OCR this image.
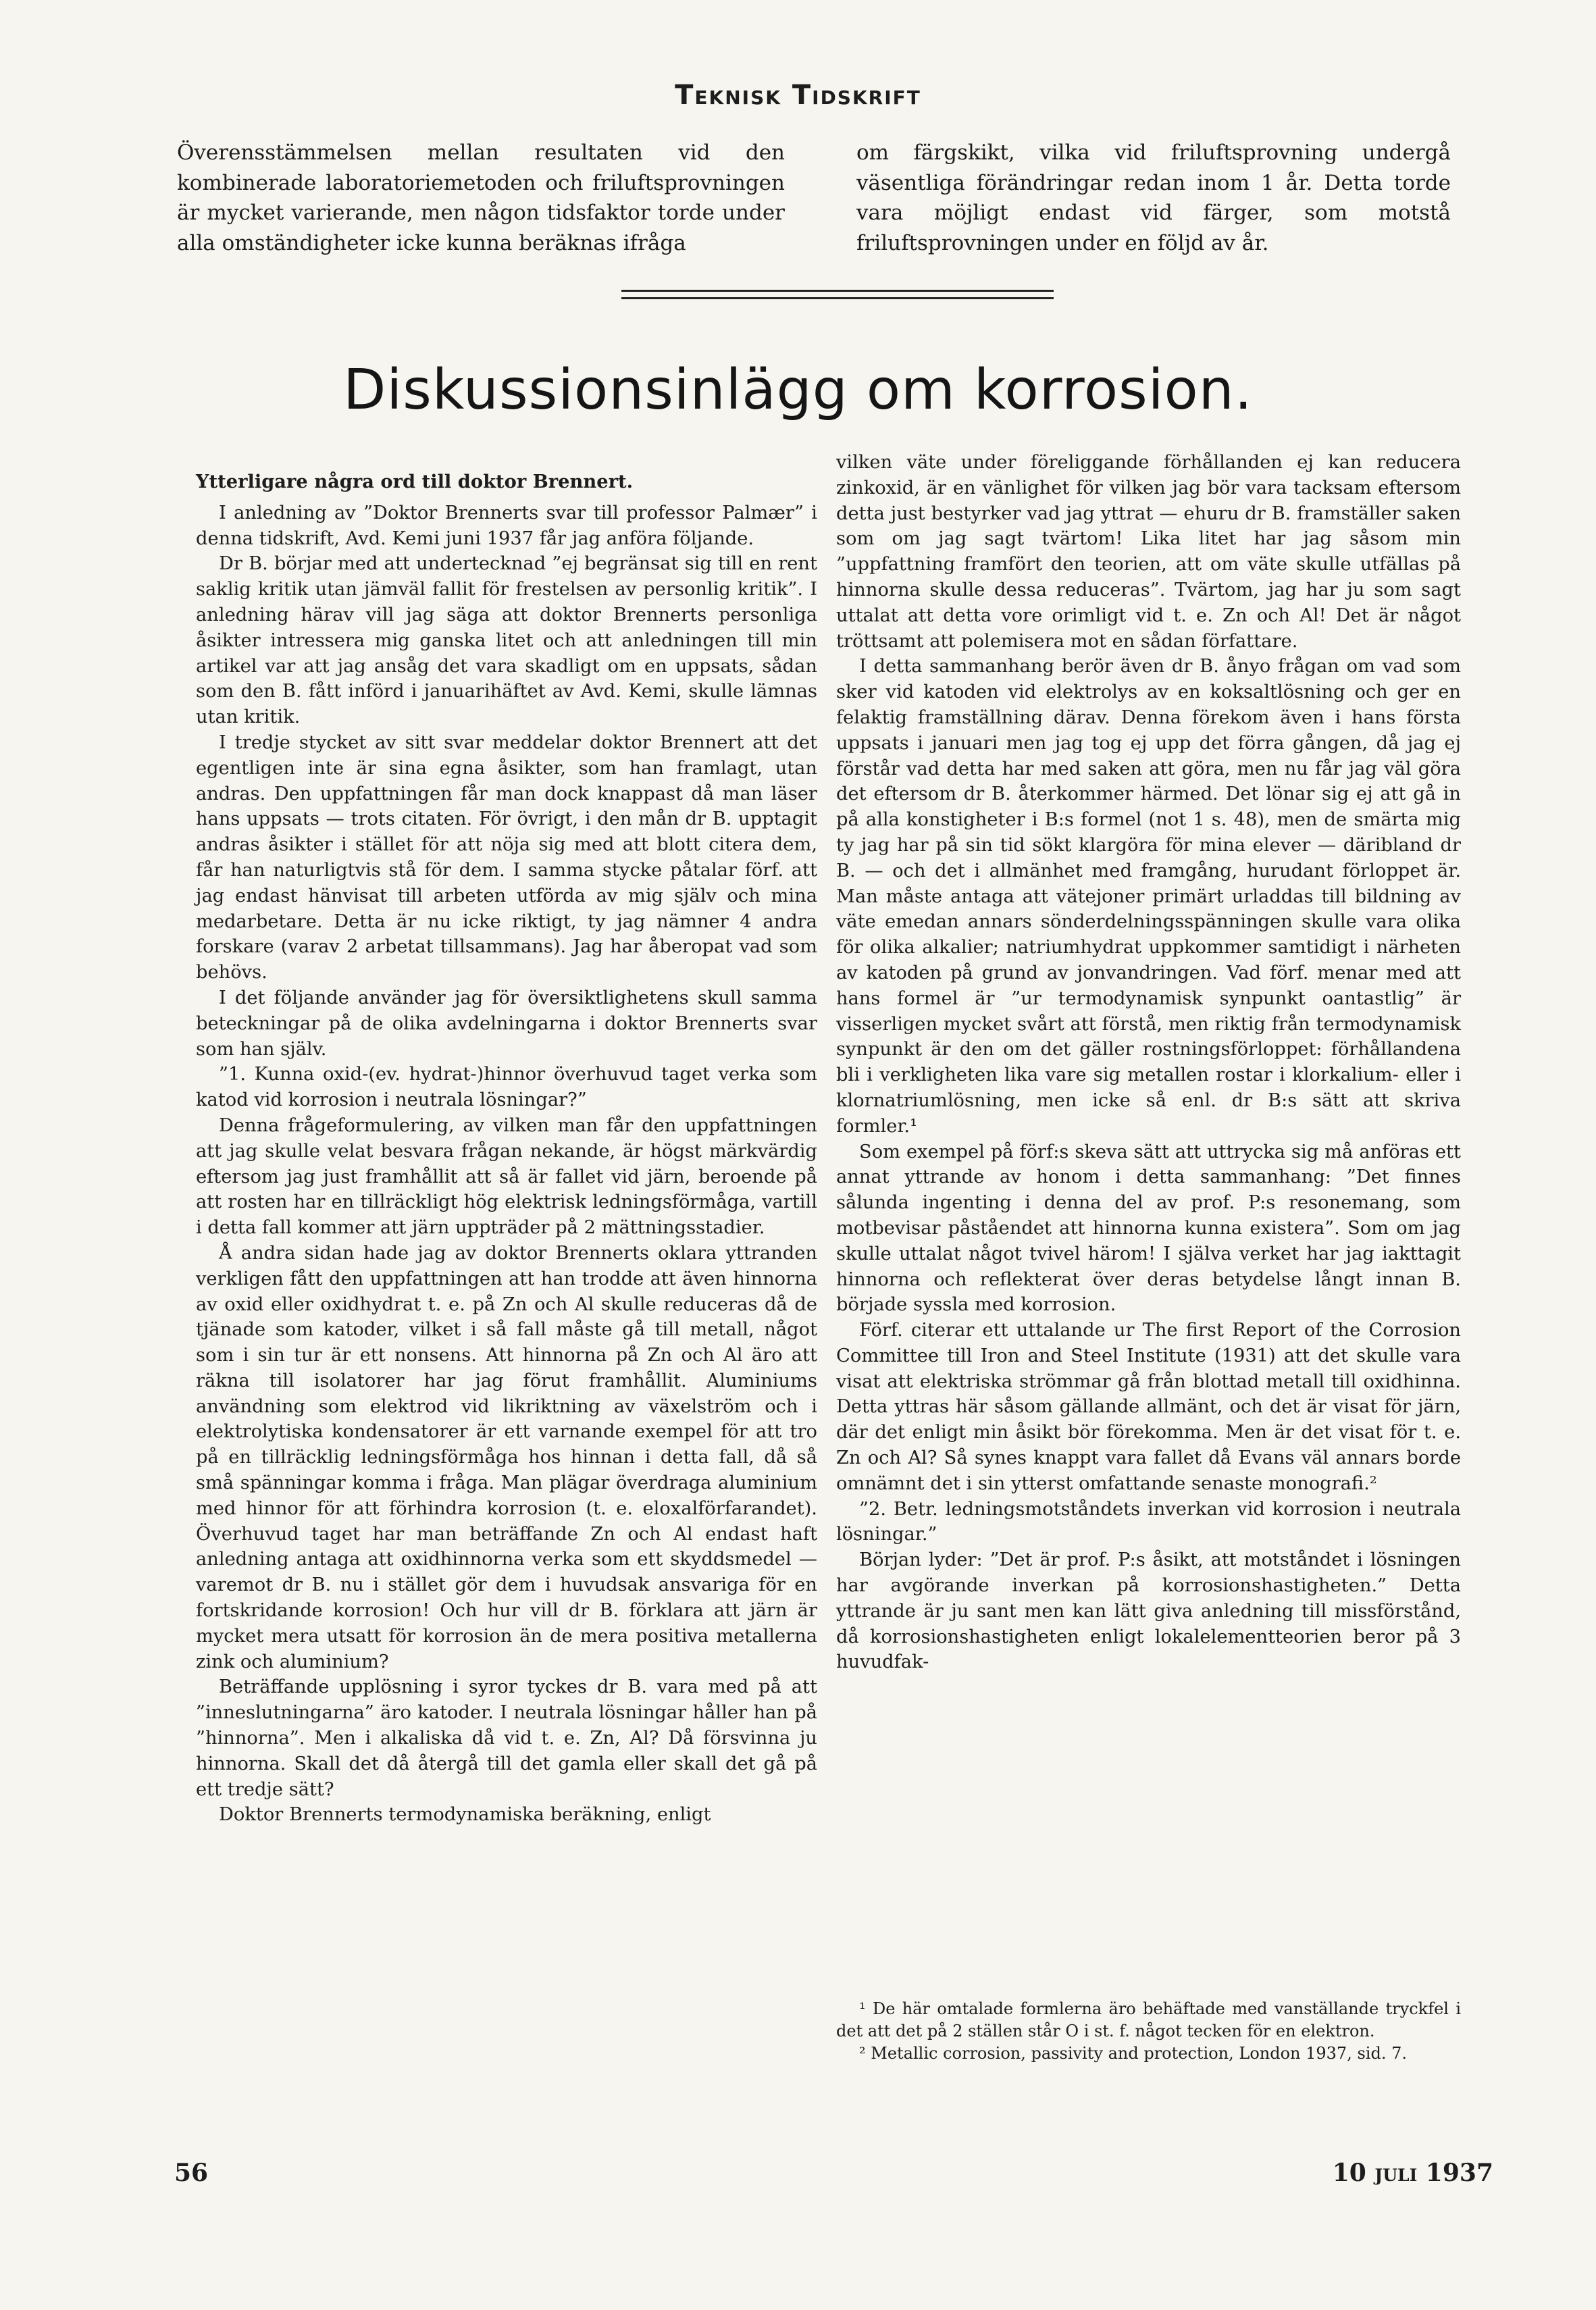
Teknisk Tidskrift
Överensstämmelsen mellan resultaten vid den kombinerade laboratoriemetoden och friluftsprovningen är mycket varierande, men någon tidsfaktor torde under alla omständigheter icke kunna beräknas ifråga
om färgskikt, vilka vid friluftsprovning undergå väsentliga förändringar redan inom 1 år. Detta torde vara möjligt endast vid färger, som motstå friluftsprovningen under en följd av år.
Diskussionsinlägg om korrosion.

Ytterligare några ord till doktor Brennert.

I anledning av ”Doktor Brennerts svar till professor Palmær” i denna tidskrift, Avd. Kemi juni 1937 får jag anföra följande.

Dr B. börjar med att undertecknad ”ej begränsat sig till en rent saklig kritik utan jämväl fallit för frestelsen av personlig kritik”. I anledning härav vill jag säga att doktor Brennerts personliga åsikter intressera mig ganska litet och att anledningen till min artikel var att jag ansåg det vara skadligt om en uppsats, sådan som den B. fått införd i januarihäftet av Avd. Kemi, skulle lämnas utan kritik.

I tredje stycket av sitt svar meddelar doktor Brennert att det egentligen inte är sina egna åsikter, som han framlagt, utan andras. Den uppfattningen får man dock knappast då man läser hans uppsats — trots citaten. För övrigt, i den mån dr B. upptagit andras åsikter i stället för att nöja sig med att blott citera dem, får han naturligtvis stå för dem. I samma stycke påtalar förf. att jag endast hänvisat till arbeten utförda av mig själv och mina medarbetare. Detta är nu icke riktigt, ty jag nämner 4 andra forskare (varav 2 arbetat tillsammans). Jag har åberopat vad som behövs.

I det följande använder jag för översiktlighetens skull samma beteckningar på de olika avdelningarna i doktor Brennerts svar som han själv.

”1. Kunna oxid-(ev. hydrat-)hinnor överhuvud taget verka som katod vid korrosion i neutrala lösningar?”

Denna frågeformulering, av vilken man får den uppfattningen att jag skulle velat besvara frågan nekande, är högst märkvärdig eftersom jag just framhållit att så är fallet vid järn, beroende på att rosten har en tillräckligt hög elektrisk ledningsförmåga, vartill i detta fall kommer att järn uppträder på 2 mättningsstadier.

Å andra sidan hade jag av doktor Brennerts oklara yttranden verkligen fått den uppfattningen att han trodde att även hinnorna av oxid eller oxidhydrat t. e. på Zn och Al skulle reduceras då de tjänade som katoder, vilket i så fall måste gå till metall, något som i sin tur är ett nonsens. Att hinnorna på Zn och Al äro att räkna till isolatorer har jag förut framhållit. Aluminiums användning som elektrod vid likriktning av växelström och i elektrolytiska kondensatorer är ett varnande exempel för att tro på en tillräcklig ledningsförmåga hos hinnan i detta fall, då så små spänningar komma i fråga. Man plägar överdraga aluminium med hinnor för att förhindra korrosion (t. e. eloxalförfarandet). Överhuvud taget har man beträffande Zn och Al endast haft anledning antaga att oxidhinnorna verka som ett skyddsmedel — varemot dr B. nu i stället gör dem i huvudsak ansvariga för en fortskridande korrosion! Och hur vill dr B. förklara att järn är mycket mera utsatt för korrosion än de mera positiva metallerna zink och aluminium?

Beträffande upplösning i syror tyckes dr B. vara med på att ”inneslutningarna” äro katoder. I neutrala lösningar håller han på ”hinnorna”. Men i alkaliska då vid t. e. Zn, Al? Då försvinna ju hinnorna. Skall det då återgå till det gamla eller skall det gå på ett tredje sätt?

Doktor Brennerts termodynamiska beräkning, enligt

vilken väte under föreliggande förhållanden ej kan reducera zinkoxid, är en vänlighet för vilken jag bör vara tacksam eftersom detta just bestyrker vad jag yttrat — ehuru dr B. framställer saken som om jag sagt tvärtom! Lika litet har jag såsom min ”uppfattning framfört den teorien, att om väte skulle utfällas på hinnorna skulle dessa reduceras”. Tvärtom, jag har ju som sagt uttalat att detta vore orimligt vid t. e. Zn och Al! Det är något tröttsamt att polemisera mot en sådan författare.

I detta sammanhang berör även dr B. ånyo frågan om vad som sker vid katoden vid elektrolys av en koksaltlösning och ger en felaktig framställning därav. Denna förekom även i hans första uppsats i januari men jag tog ej upp det förra gången, då jag ej förstår vad detta har med saken att göra, men nu får jag väl göra det eftersom dr B. återkommer härmed. Det lönar sig ej att gå in på alla konstigheter i B:s formel (not 1 s. 48), men de smärta mig ty jag har på sin tid sökt klargöra för mina elever — däribland dr B. — och det i allmänhet med framgång, hurudant förloppet är. Man måste antaga att vätejoner primärt urladdas till bildning av väte emedan annars sönderdelningsspänningen skulle vara olika för olika alkalier; natriumhydrat uppkommer samtidigt i närheten av katoden på grund av jonvandringen. Vad förf. menar med att hans formel är ”ur termodynamisk synpunkt oantastlig” är visserligen mycket svårt att förstå, men riktig från termodynamisk synpunkt är den om det gäller rostningsförloppet: förhållandena bli i verkligheten lika vare sig metallen rostar i klorkalium- eller i klornatriumlösning, men icke så enl. dr B:s sätt att skriva formler.¹

Som exempel på förf:s skeva sätt att uttrycka sig må anföras ett annat yttrande av honom i detta sammanhang: ”Det finnes sålunda ingenting i denna del av prof. P:s resonemang, som motbevisar påståendet att hinnorna kunna existera”. Som om jag skulle uttalat något tvivel härom! I själva verket har jag iakttagit hinnorna och reflekterat över deras betydelse långt innan B. började syssla med korrosion.

Förf. citerar ett uttalande ur The first Report of the Corrosion Committee till Iron and Steel Institute (1931) att det skulle vara visat att elektriska strömmar gå från blottad metall till oxidhinna. Detta yttras här såsom gällande allmänt, och det är visat för järn, där det enligt min åsikt bör förekomma. Men är det visat för t. e. Zn och Al? Så synes knappt vara fallet då Evans väl annars borde omnämnt det i sin ytterst omfattande senaste monografi.²

”2. Betr. ledningsmotståndets inverkan vid korrosion i neutrala lösningar.”

Början lyder: ”Det är prof. P:s åsikt, att motståndet i lösningen har avgörande inverkan på korrosionshastigheten.” Detta yttrande är ju sant men kan lätt giva anledning till missförstånd, då korrosionshastigheten enligt lokalelementteorien beror på 3 huvudfak-

¹ De här omtalade formlerna äro behäftade med vanställande tryckfel i det att det på 2 ställen står O i st. f. något tecken för en elektron.

² Metallic corrosion, passivity and protection, London 1937, sid. 7.

56	10 juli 1937
